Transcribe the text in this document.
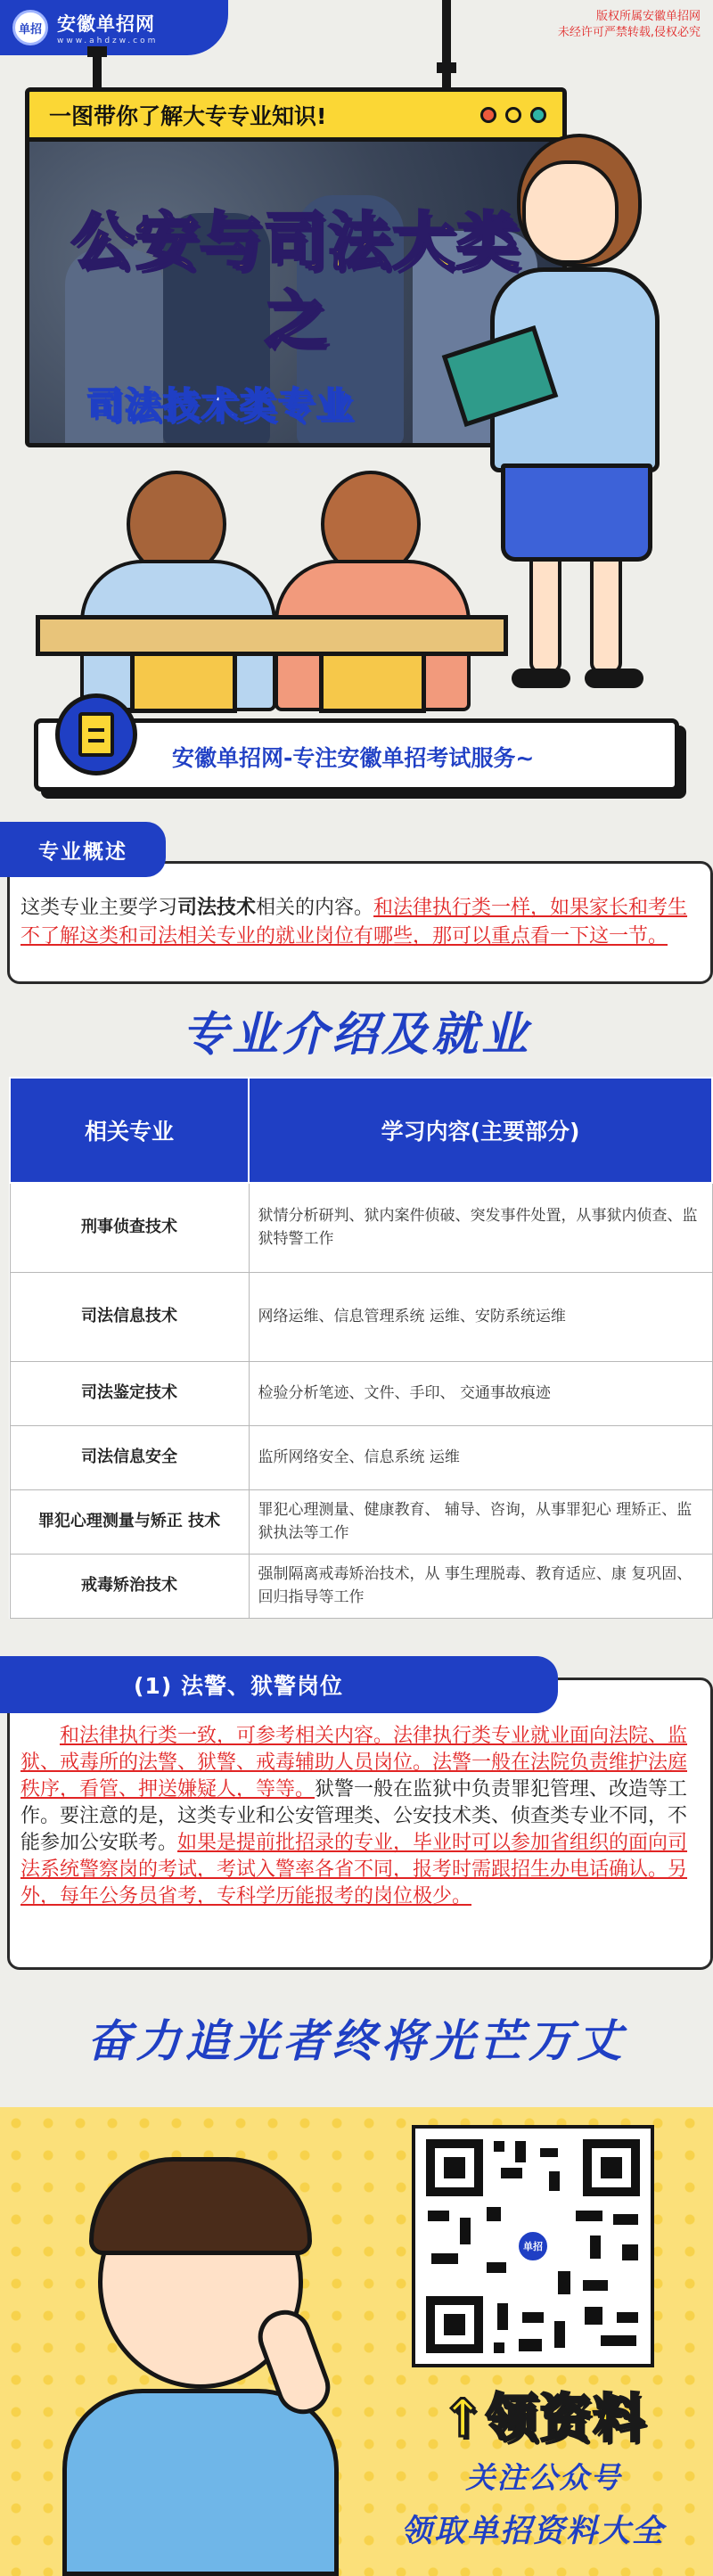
单招 安徽单招网
www.ahdzw.com
版权所属安徽单招网
未经许可严禁转载,侵权必究
一图带你了解大专专业知识!
公安与司法大类
之
司法技术类专业
安徽单招网-专注安徽单招考试服务~

这类专业主要学习司法技术相关的内容。和法律执行类一样，如果家长和考生不了解这类和司法相关专业的就业岗位有哪些，那可以重点看一下这一节。

专业概述
专业介绍及就业
相关专业	学习内容(主要部分)
刑事侦查技术	狱情分析研判、狱内案件侦破、突发事件处置，从事狱内侦查、监狱特警工作
司法信息技术	网络运维、信息管理系统 运维、安防系统运维
司法鉴定技术	检验分析笔迹、文件、手印、 交通事故痕迹
司法信息安全	监所网络安全、信息系统 运维
罪犯心理测量与矫正 技术	罪犯心理测量、健康教育、 辅导、咨询，从事罪犯心 理矫正、监狱执法等工作
戒毒矫治技术	强制隔离戒毒矫治技术，从 事生理脱毒、教育适应、康 复巩固、回归指导等工作

和法律执行类一致，可参考相关内容。法律执行类专业就业面向法院、监狱、戒毒所的法警、狱警、戒毒辅助人员岗位。法警一般在法院负责维护法庭秩序，看管、押送嫌疑人，等等。狱警一般在监狱中负责罪犯管理、改造等工作。要注意的是，这类专业和公安管理类、公安技术类、侦查类专业不同，不能参加公安联考。如果是提前批招录的专业，毕业时可以参加省组织的面向司法系统警察岗的考试，考试入警率各省不同，报考时需跟招生办电话确认。另外，每年公务员省考，专科学历能报考的岗位极少。

(1) 法警、狱警岗位
奋力追光者终将光芒万丈
单招
↑领资料
关注公众号
领取单招资料大全
